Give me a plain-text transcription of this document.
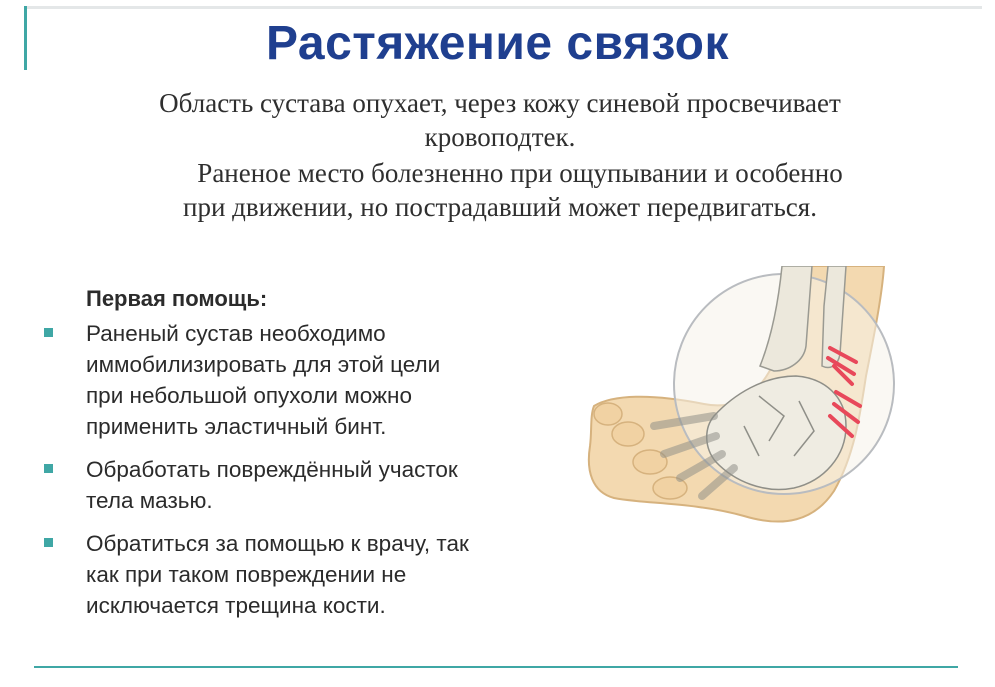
Растяжение связок

Область сустава опухает, через кожу синевой просвечивает
кровоподтек.

Раненое место болезненно при ощупывании и особенно
при движении, но пострадавший может передвигаться.

Первая помощь:
Раненый сустав необходимо
иммобилизировать для этой цели
при небольшой опухоли можно
применить эластичный бинт.
Обработать повреждённый участок
тела мазью.
Обратиться за помощью к врачу, так
как при таком повреждении не
исключается трещина кости.
